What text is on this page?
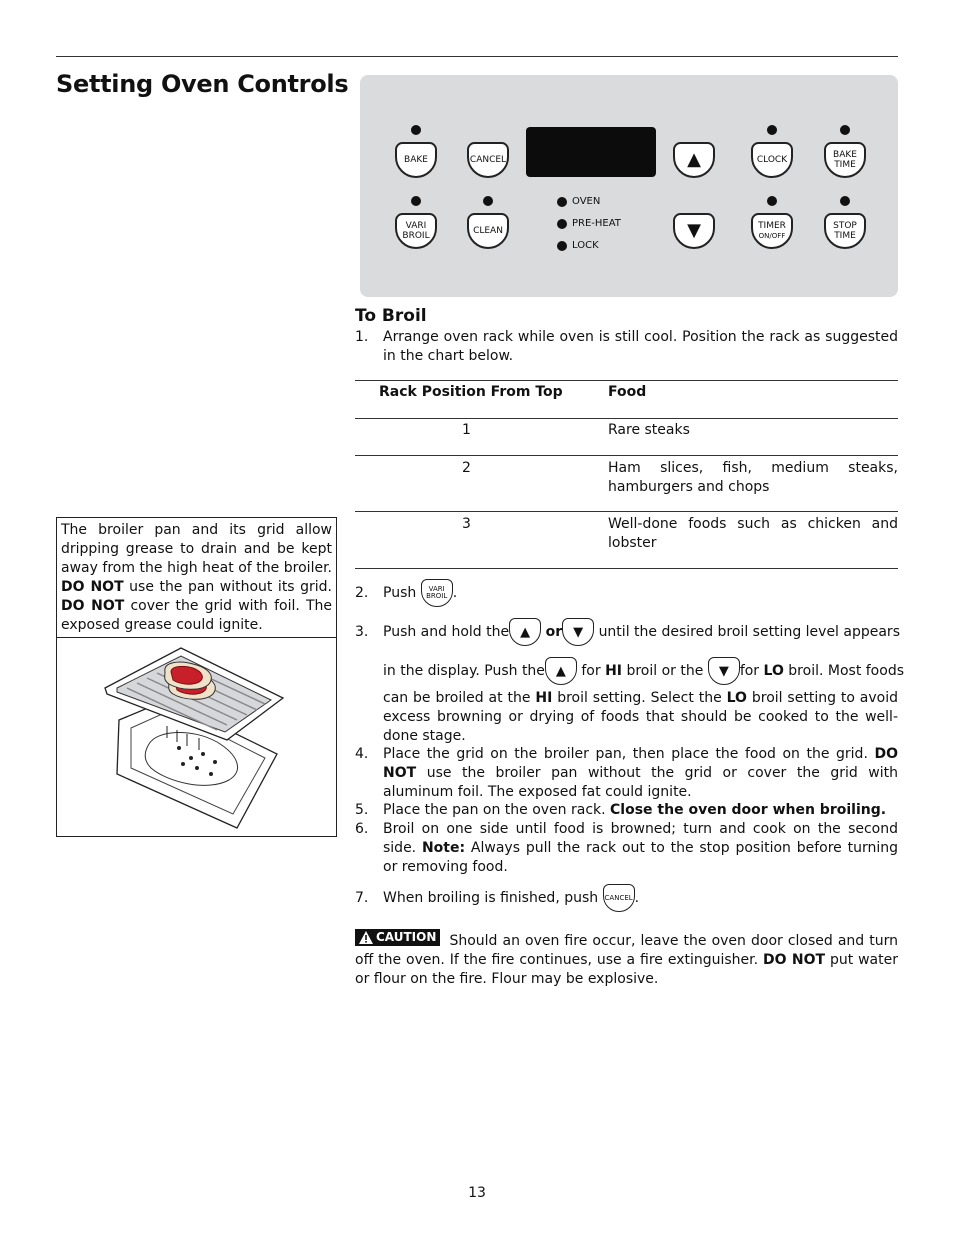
Setting Oven Controls
BAKE	CANCEL	▲	CLOCK	BAKE
TIME
VARI
BROIL	CLEAN
OVEN
PRE-HEAT
LOCK
▼	TIMER
ON/OFF
STOP
TIME
To Broil
1. Arrange oven rack while oven is still cool. Position the rack as suggested in the chart below.
Rack Position From Top	Food
1	Rare steaks
2	Ham slices, fish, medium steaks, hamburgers and chops
3	Well-done foods such as chicken and lobster
2. Push	VARI
BROIL .
3. Push and hold the ▲ or ▼ until the desired broil setting level appears
in the display. Push the ▲ for HI broil or the ▼ for LO broil. Most foods
can be broiled at the HI broil setting. Select the LO broil setting to avoid excess browning or drying of foods that should be cooked to the well-done stage.
4. Place the grid on the broiler pan, then place the food on the grid. DO NOT use the broiler pan without the grid or cover the grid with aluminum foil. The exposed fat could ignite.
5. Place the pan on the oven rack. Close the oven door when broiling.
6. Broil on one side until food is browned; turn and cook on the second side. Note: Always pull the rack out to the stop position before turning or removing food.
7. When broiling is finished, push CANCEL .
CAUTION Should an oven fire occur, leave the oven door closed and turn off the oven. If the fire continues, use a fire extinguisher. DO NOT put water or flour on the fire. Flour may be explosive.
The broiler pan and its grid allow dripping grease to drain and be kept away from the high heat of the broiler. DO NOT use the pan without its grid. DO NOT cover the grid with foil. The exposed grease could ignite.
13
